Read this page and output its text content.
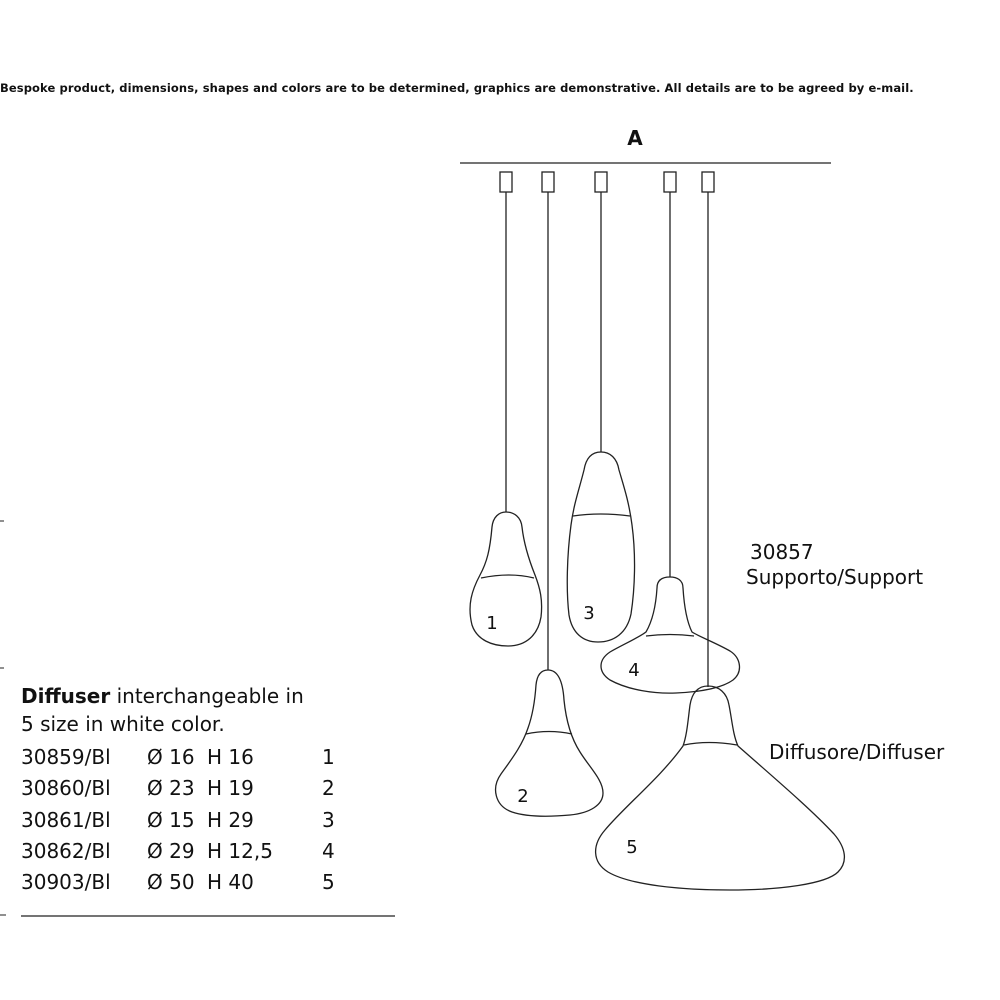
Bespoke product, dimensions, shapes and colors are to be determined, graphics are demonstrative. All details are to be agreed by e-mail.
A
1
2
3
4
5
30857
Supporto/Support
Diffusore/Diffuser
Diffuser interchangeable in
5 size in white color.
30859/Bl Ø 16 H 16	1
30860/Bl Ø 23 H 19	2
30861/Bl Ø 15 H 29	3
30862/Bl Ø 29 H 12,5 4
30903/Bl Ø 50 H 40	5
